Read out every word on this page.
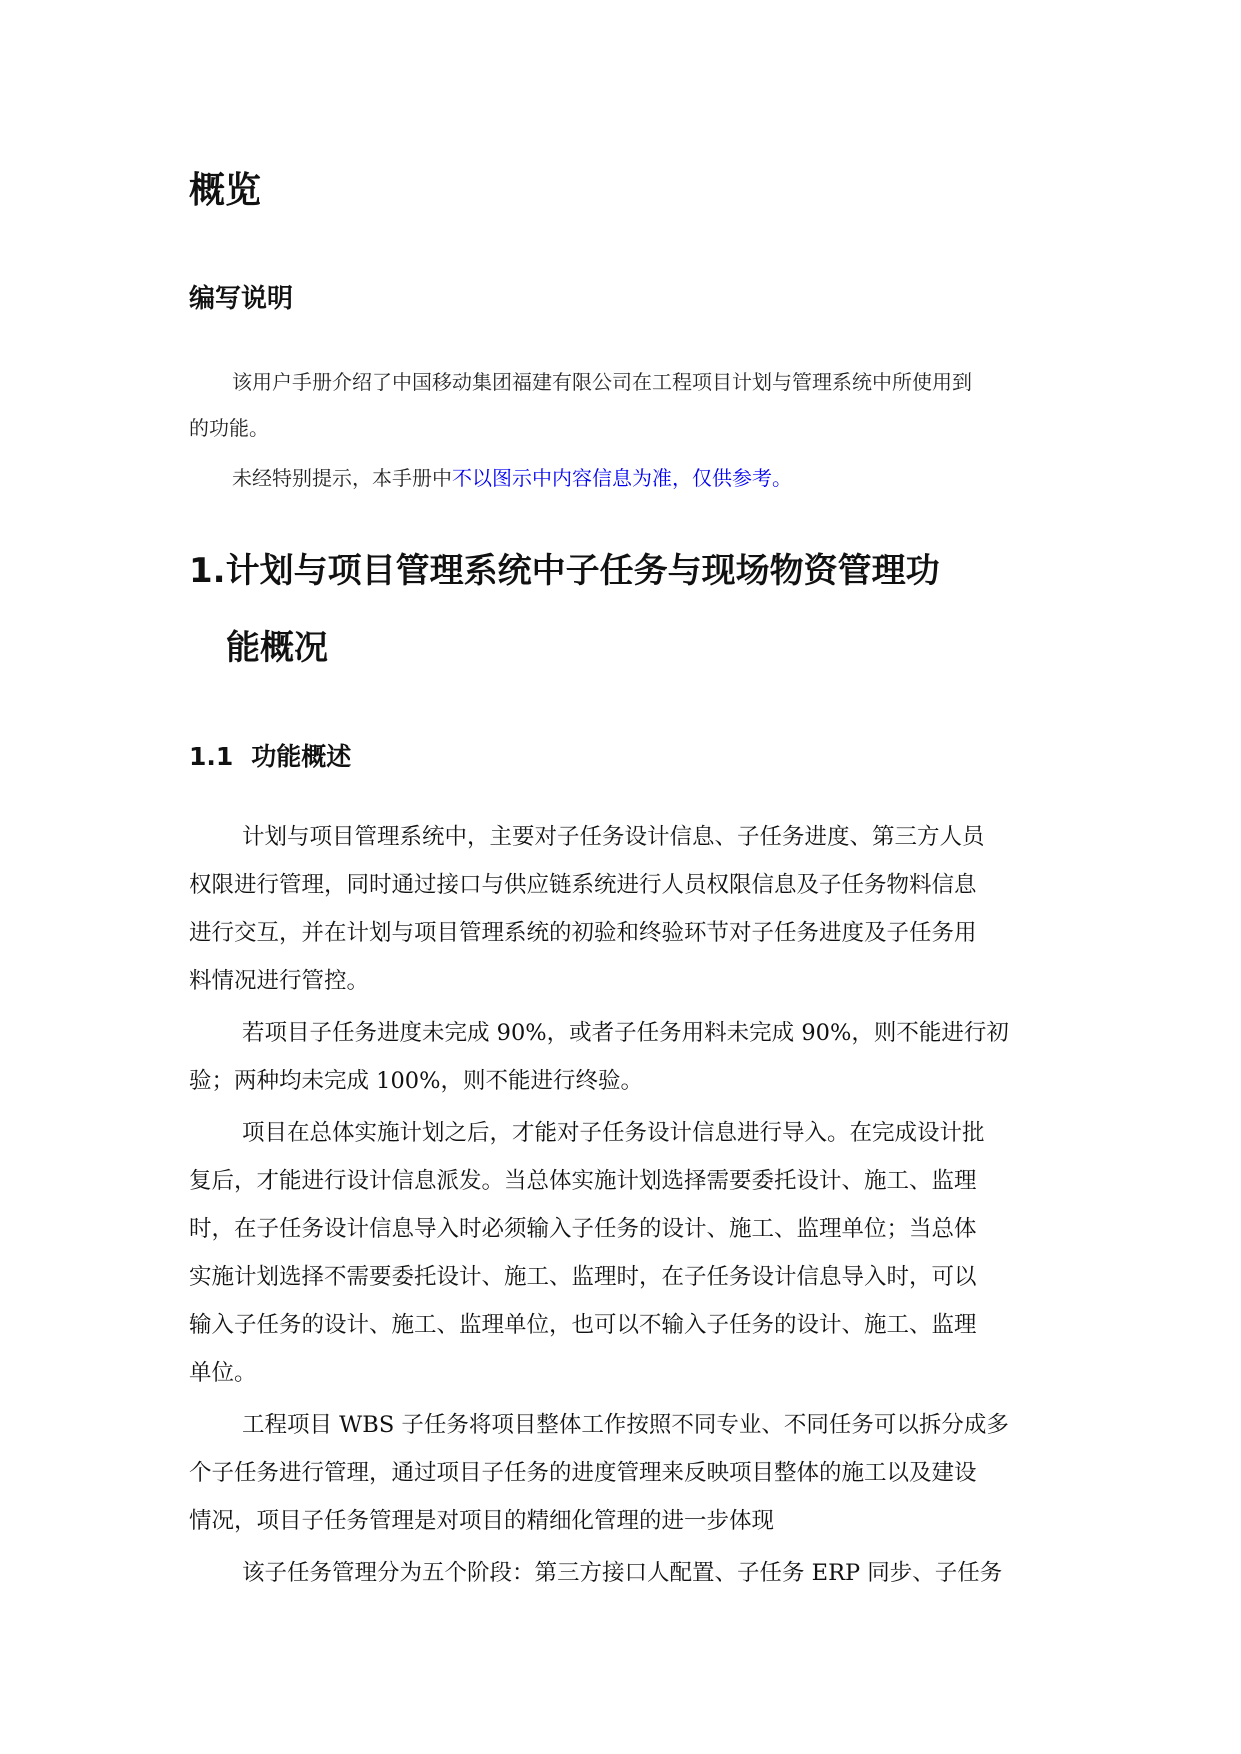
概览
编写说明

该用户手册介绍了中国移动集团福建有限公司在工程项目计划与管理系统中所使用到

的功能。

未经特别提示，本手册中不以图示中内容信息为准，仅供参考。

1.计划与项目管理系统中子任务与现场物资管理功
能概况
1.1 功能概述

计划与项目管理系统中，主要对子任务设计信息、子任务进度、第三方人员

权限进行管理，同时通过接口与供应链系统进行人员权限信息及子任务物料信息

进行交互，并在计划与项目管理系统的初验和终验环节对子任务进度及子任务用

料情况进行管控。

若项目子任务进度未完成 90%，或者子任务用料未完成 90%，则不能进行初

验；两种均未完成 100%，则不能进行终验。

项目在总体实施计划之后，才能对子任务设计信息进行导入。在完成设计批

复后，才能进行设计信息派发。当总体实施计划选择需要委托设计、施工、监理

时，在子任务设计信息导入时必须输入子任务的设计、施工、监理单位；当总体

实施计划选择不需要委托设计、施工、监理时，在子任务设计信息导入时，可以

输入子任务的设计、施工、监理单位，也可以不输入子任务的设计、施工、监理

单位。

工程项目 WBS 子任务将项目整体工作按照不同专业、不同任务可以拆分成多

个子任务进行管理，通过项目子任务的进度管理来反映项目整体的施工以及建设

情况，项目子任务管理是对项目的精细化管理的进一步体现

该子任务管理分为五个阶段：第三方接口人配置、子任务 ERP 同步、子任务
